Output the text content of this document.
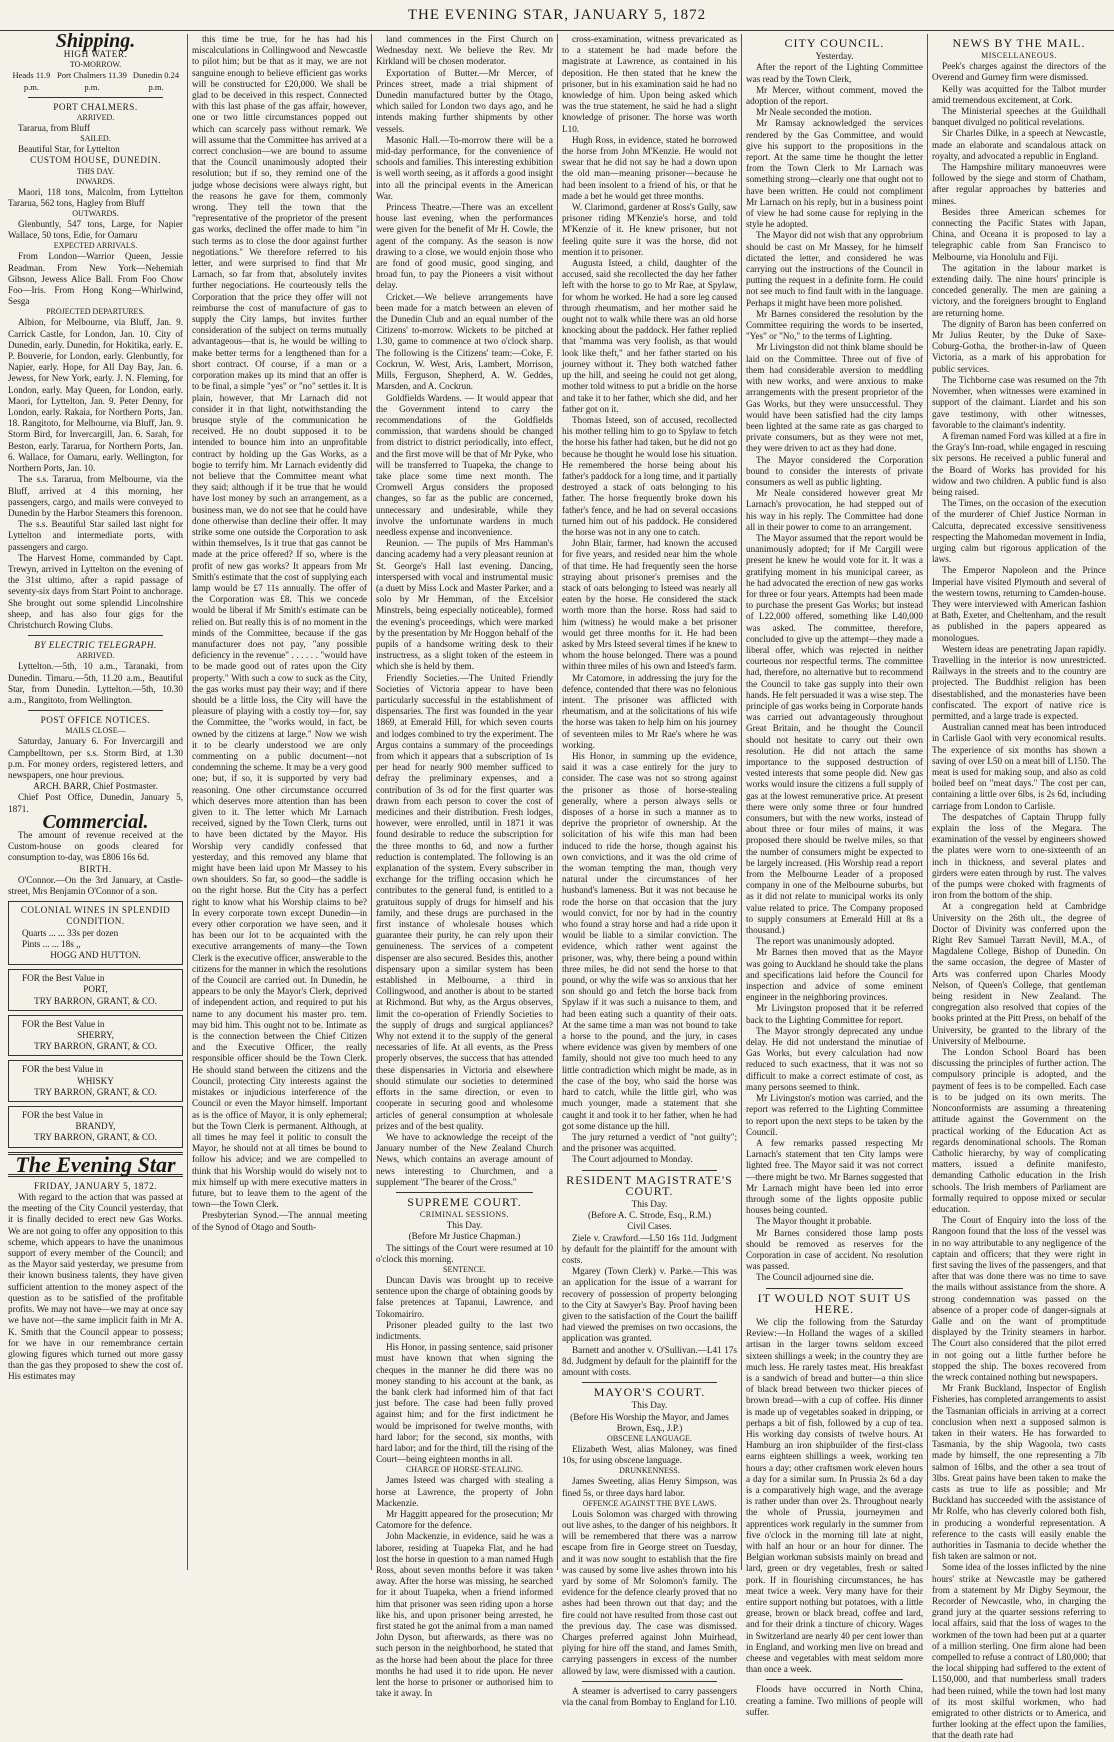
THE EVENING STAR, JANUARY 5, 1872
Shipping.

HIGH WATER.

TO-MORROW.

Heads 11.9 p.m.
Port Chalmers 11.39 p.m.
Dunedin 0.24 p.m.

PORT CHALMERS.

ARRIVED.

Tararua, from Bluff

SAILED.

Beautiful Star, for Lyttelton

CUSTOM HOUSE, DUNEDIN.

THIS DAY.

INWARDS.

Maori, 118 tons, Malcolm, from Lyttelton Tararua, 562 tons, Hagley from Bluff

OUTWARDS.

Glenbuntly, 547 tons, Large, for Napier Wallace, 50 tons, Edie, for Oamaru

EXPECTED ARRIVALS.

From London—Warrior Queen, Jessie Readman. From New York—Nehemiah Gibson, Jewess Alice Ball. From Foo Chow Foo—Iris. From Hong Kong—Whirlwind, Sesga

PROJECTED DEPARTURES.

Albion, for Melbourne, via Bluff, Jan. 9. Carrick Castle, for London, Jan. 10. City of Dunedin, early. Dunedin, for Hokitika, early. E. P. Bouverie, for London, early. Glenbuntly, for Napier, early. Hope, for All Day Bay, Jan. 6. Jewess, for New York, early. J. N. Fleming, for London, early. May Queen, for London, early. Maori, for Lyttelton, Jan. 9. Peter Denny, for London, early. Rakaia, for Northern Ports, Jan. 18. Rangitoto, for Melbourne, via Bluff, Jan. 9. Storm Bird, for Invercargill, Jan. 6. Sarah, for Beston, early. Tararua, for Northern Ports, Jan. 6. Wallace, for Oamaru, early. Wellington, for Northern Ports, Jan. 10.

The s.s. Tararua, from Melbourne, via the Bluff, arrived at 4 this morning, her passengers, cargo, and mails were conveyed to Dunedin by the Harbor Steamers this forenoon.

The s.s. Beautiful Star sailed last night for Lyttelton and intermediate ports, with passengers and cargo.

The Harvest Home, commanded by Capt. Trewyn, arrived in Lyttelton on the evening of the 31st ultimo, after a rapid passage of seventy-six days from Start Point to anchorage. She brought out some splendid Lincolnshire sheep, and has also four gigs for the Christchurch Rowing Clubs.

BY ELECTRIC TELEGRAPH.

ARRIVED.

Lyttelton.—5th, 10 a.m., Taranaki, from Dunedin. Timaru.—5th, 11.20 a.m., Beautiful Star, from Dunedin. Lyttelton.—5th, 10.30 a.m., Rangitoto, from Wellington.

POST OFFICE NOTICES.

MAILS CLOSE—

Saturday, January 6. For Invercargill and Campbelltown, per s.s. Storm Bird, at 1.30 p.m. For money orders, registered letters, and newspapers, one hour previous.

ARCH. BARR, Chief Postmaster.

Chief Post Office, Dunedin, January 5, 1871.

Commercial.

The amount of revenue received at the Custom-house on goods cleared for consumption to-day, was £806 16s 6d.

BIRTH.

O'Connor.—On the 3rd January, at Castle-street, Mrs Benjamin O'Connor of a son.

COLONIAL WINES IN SPLENDID CONDITION.

Quarts ... ... 33s per dozen

Pints ... ... 18s ,,

HOGG AND HUTTON.

FOR the Best Value in

PORT,

TRY BARRON, GRANT, & CO.

FOR the Best Value in

SHERRY,

TRY BARRON, GRANT, & CO.

FOR the best Value in

WHISKY

TRY BARRON, GRANT, & CO.

FOR the best Value in

BRANDY,

TRY BARRON, GRANT, & CO.

The Evening Star

FRIDAY, JANUARY 5, 1872.

With regard to the action that was passed at the meeting of the City Council yesterday, that it is finally decided to erect new Gas Works. We are not going to offer any opposition to this scheme, which appears to have the unanimous support of every member of the Council; and as the Mayor said yesterday, we presume from their known business talents, they have given sufficient attention to the money aspect of the question as to be satisfied of the profitable profits. We may not have—we may at once say we have not—the same implicit faith in Mr A. K. Smith that the Council appear to possess; for we have in our remembrance certain glowing figures which turned out more gassy than the gas they proposed to shew the cost of. His estimates may

this time be true, for he has had his miscalculations in Collingwood and Newcastle to pilot him; but be that as it may, we are not sanguine enough to believe efficient gas works will be constructed for £20,000. We shall be glad to be deceived in this respect. Connected with this last phase of the gas affair, however, one or two little circumstances popped out which can scarcely pass without remark. We will assume that the Committee has arrived at a correct conclusion—we are bound to assume that the Council unanimously adopted their resolution; but if so, they remind one of the judge whose decisions were always right, but the reasons he gave for them, commonly wrong. They tell the town that the "representative of the proprietor of the present gas works, declined the offer made to him "in such terms as to close the door against further negotiations." We therefore referred to his letter, and were surprised to find that Mr Larnach, so far from that, absolutely invites further negociations. He courteously tells the Corporation that the price they offer will not reimburse the cost of manufacture of gas to supply the City lamps, but invites further consideration of the subject on terms mutually advantageous—that is, he would be willing to make better terms for a lengthened than for a short contract. Of course, if a man or a corporation makes up its mind that an offer is to be final, a simple "yes" or "no" settles it. It is plain, however, that Mr Larnach did not consider it in that light, notwithstanding the brusque style of the communication he received. He no doubt supposed it to be intended to bounce him into an unprofitable contract by holding up the Gas Works, as a bogie to terrify him. Mr Larnach evidently did not believe that the Committee meant what they said; although if it be true that he would have lost money by such an arrangement, as a business man, we do not see that he could have done otherwise than decline their offer. It may strike some one outside the Corporation to ask within themselves, Is it true that gas cannot be made at the price offered? If so, where is the profit of new gas works? It appears from Mr Smith's estimate that the cost of supplying each lamp would be £7 11s annually. The offer of the Corporation was £8. This we concede would be liberal if Mr Smith's estimate can be relied on. But really this is of no moment in the minds of the Committee, because if the gas manufacturer does not pay, "any possible deficiency in the revenue" . . . . . . "would have to be made good out of rates upon the City property." With such a cow to suck as the City, the gas works must pay their way; and if there should be a little loss, the City will have the pleasure of playing with a costly toy—for, say the Committee, the "works would, in fact, be owned by the citizens at large." Now we wish it to be clearly understood we are only commenting on a public document—not condemning the scheme. It may be a very good one; but, if so, it is supported by very bad reasoning. One other circumstance occurred which deserves more attention than has been given to it. The letter which Mr Larnach received, signed by the Town Clerk, turns out to have been dictated by the Mayor. His Worship very candidly confessed that yesterday, and this removed any blame that might have been laid upon Mr Massey to his own shoulders. So far, so good—the saddle is on the right horse. But the City has a perfect right to know what his Worship claims to be? In every corporate town except Dunedin—in every other corporation we have seen, and it has been our lot to be acquainted with the executive arrangements of many—the Town Clerk is the executive officer, answerable to the citizens for the manner in which the resolutions of the Council are carried out. In Dunedin, he appears to be only the Mayor's Clerk, deprived of independent action, and required to put his name to any document his master pro. tem. may bid him. This ought not to be. Intimate as is the connection between the Chief Citizen and the Executive Officer, the really responsible officer should be the Town Clerk. He should stand between the citizens and the Council, protecting City interests against the mistakes or injudicious interference of the Council or even the Mayor himself. Important as is the office of Mayor, it is only ephemeral; but the Town Clerk is permanent. Although, at all times he may feel it politic to consult the Mayor, he should not at all times be bound to follow his advice; and we are compelled to think that his Worship would do wisely not to mix himself up with mere executive matters in future, but to leave them to the agent of the town—the Town Clerk.

Presbyterian Synod.—The annual meeting of the Synod of Otago and South-

land commences in the First Church on Wednesday next. We believe the Rev. Mr Kirkland will be chosen moderator.

Exportation of Butter.—Mr Mercer, of Princes street, made a trial shipment of Dunedin manufactured butter by the Otago, which sailed for London two days ago, and he intends making further shipments by other vessels.

Masonic Hall.—To-morrow there will be a mid-day performance, for the convenience of schools and families. This interesting exhibition is well worth seeing, as it affords a good insight into all the principal events in the American War.

Princess Theatre.—There was an excellent house last evening, when the performances were given for the benefit of Mr H. Cowle, the agent of the company. As the season is now drawing to a close, we would enjoin those who are fond of good music, good singing, and broad fun, to pay the Pioneers a visit without delay.

Cricket.—We believe arrangements have been made for a match between an eleven of the Dunedin Club and an equal number of the Citizens' to-morrow. Wickets to be pitched at 1.30, game to commence at two o'clock sharp. The following is the Citizens' team:—Coke, F. Cockrun, W. West, Aris, Lambert, Morrison, Mills, Ferguson, Shepherd, A. W. Geddes, Marsden, and A. Cockrun.

Goldfields Wardens. — It would appear that the Government intend to carry the recommendations of the Goldfields commission, that wardens should be changed from district to district periodically, into effect, and the first move will be that of Mr Pyke, who will be transferred to Tuapeka, the change to take place some time next month. The Cromwell Argus considers the proposed changes, so far as the public are concerned, unnecessary and undesirable, while they involve the unfortunate wardens in much needless expense and inconvenience.

Reunion. — The pupils of Mrs Hamman's dancing academy had a very pleasant reunion at St. George's Hall last evening. Dancing, interspersed with vocal and instrumental music (a duett by Miss Lock and Master Parker, and a solo by Mr Hemman, of the Excelsior Minstrels, being especially noticeable), formed the evening's proceedings, which were marked by the presentation by Mr Hoggon behalf of the pupils of a handsome writing desk to their instructress, as a slight token of the esteem in which she is held by them.

Friendly Societies.—The United Friendly Societies of Victoria appear to have been particularly successful in the establishment of dispensaries. The first was founded in the year 1869, at Emerald Hill, for which seven courts and lodges combined to try the experiment. The Argus contains a summary of the proceedings from which it appears that a subscription of 1s per head for nearly 900 member sufficed to defray the preliminary expenses, and a contribution of 3s od for the first quarter was drawn from each person to cover the cost of medicines and their distribution. Fresh lodges, however, were enrolled, until in 1871 it was found desirable to reduce the subscription for the three months to 6d, and now a further reduction is contemplated. The following is an explanation of the system. Every subscriber in exchange for the trifling occasion which he contributes to the general fund, is entitled to a gratuitous supply of drugs for himself and his family, and these drugs are purchased in the first instance of wholesale houses which guarantee their purity, he can rely upon their genuineness. The services of a competent dispenser are also secured. Besides this, another dispensary upon a similar system has been established in Melbourne, a third in Collingwood, and another is about to be started at Richmond. But why, as the Argus observes, limit the co-operation of Friendly Societies to the supply of drugs and surgical appliances? Why not extend it to the supply of the general necessaries of life. At all events, as the Press properly observes, the success that has attended these dispensaries in Victoria and elsewhere should stimulate our societies to determined efforts in the same direction, or even to cooperate in securing good and wholesome articles of general consumption at wholesale prizes and of the best quality.

We have to acknowledge the receipt of the January number of the New Zealand Church News, which contains an average amount of news interesting to Churchmen, and a supplement "The bearer of the Cross."

SUPREME COURT.

CRIMINAL SESSIONS.

This Day.

(Before Mr Justice Chapman.)

The sittings of the Court were resumed at 10 o'clock this morning.

SENTENCE.

Duncan Davis was brought up to receive sentence upon the charge of obtaining goods by false pretences at Tapanui, Lawrence, and Tokomairiro.

Prisoner pleaded guilty to the last two indictments.

His Honor, in passing sentence, said prisoner must have known that when signing the cheques in the manner he did there was no money standing to his account at the bank, as the bank clerk had informed him of that fact just before. The case had been fully proved against him; and for the first indictment he would be imprisoned for twelve months, with hard labor; for the second, six months, with hard labor; and for the third, till the rising of the Court—being eighteen months in all.

CHARGE OF HORSE-STEALING.

James Isteed was charged with stealing a horse at Lawrence, the property of John Mackenzie.

Mr Haggitt appeared for the prosecution; Mr Catomore for the defence.

John Mackenzie, in evidence, said he was a laborer, residing at Tuapeka Flat, and he had lost the horse in question to a man named Hugh Ross, about seven months before it was taken away. After the horse was missing, he searched for it about Tuapeka, when a friend informed him that prisoner was seen riding upon a horse like his, and upon prisoner being arrested, he first stated he got the animal from a man named John Dyson, but afterwards, as there was no such person in the neighborhood, he stated that as the horse had been about the place for three months he had used it to ride upon. He never lent the horse to prisoner or authorised him to take it away. In

cross-examination, witness prevaricated as to a statement he had made before the magistrate at Lawrence, as contained in his deposition. He then stated that he knew the prisoner, but in his examination said he had no knowledge of him. Upon being asked which was the true statement, he said he had a slight knowledge of prisoner. The horse was worth L10.

Hugh Ross, in evidence, stated he borrowed the horse from John M'Kenzie. He would not swear that he did not say he had a down upon the old man—meaning prisoner—because he had been insolent to a friend of his, or that he made a bet he would get three months.

W. Clarimond, gardener at Ross's Gully, saw prisoner riding M'Kenzie's horse, and told M'Kenzie of it. He knew prisoner, but not feeling quite sure it was the horse, did not mention it to prisoner.

Augusta Isteed, a child, daughter of the accused, said she recollected the day her father left with the horse to go to Mr Rae, at Spylaw, for whom he worked. He had a sore leg caused through rheumatism, and her mother said he ought not to walk while there was an old horse knocking about the paddock. Her father replied that "mamma was very foolish, as that would look like theft," and her father started on his journey without it. They both watched father up the hill, and seeing he could not get along, mother told witness to put a bridle on the horse and take it to her father, which she did, and her father got on it.

Thomas Isteed, son of accused, recollected his mother telling him to go to Spylaw to fetch the horse his father had taken, but he did not go because he thought he would lose his situation. He remembered the horse being about his father's paddock for a long time, and it partially destroyed a stack of oats belonging to his father. The horse frequently broke down his father's fence, and he had on several occasions turned him out of his paddock. He considered the horse was not in any one to catch.

John Blair, farmer, had known the accused for five years, and resided near him the whole of that time. He had frequently seen the horse straying about prisoner's premises and the stack of oats belonging to Isteed was nearly all eaten by the horse. He considered the stack worth more than the horse. Ross had said to him (witness) he would make a bet prisoner would get three months for it. He had been asked by Mrs Isteed several times if he knew to whom the house belonged. There was a pound within three miles of his own and Isteed's farm.

Mr Catomore, in addressing the jury for the defence, contended that there was no felonious intent. The prisoner was afflicted with rheumatism, and at the solicitations of his wife the horse was taken to help him on his journey of seventeen miles to Mr Rae's where he was working.

His Honor, in summing up the evidence, said it was a case entirely for the jury to consider. The case was not so strong against the prisoner as those of horse-stealing generally, where a person always sells or disposes of a horse in such a manner as to deprive the proprietor of ownership. At the solicitation of his wife this man had been induced to ride the horse, though against his own convictions, and it was the old crime of the woman tempting the man, though very natural under the circumstances of her husband's lameness. But it was not because he rode the horse on that occasion that the jury would convict, for nor by had in the country who found a stray horse and had a ride upon it would be liable to a similar conviction. The evidence, which rather went against the prisoner, was, why, there being a pound within three miles, he did not send the horse to that pound, or why the wife was so anxious that her son should go and fetch the horse back from Spylaw if it was such a nuisance to them, and had been eating such a quantity of their oats. At the same time a man was not bound to take a horse to the pound, and the jury, in cases where evidence was given by members of one family, should not give too much heed to any little contradiction which might be made, as in the case of the boy, who said the horse was hard to catch, while the little girl, who was much younger, made a statement that she caught it and took it to her father, when he had got some distance up the hill.

The jury returned a verdict of "not guilty"; and the prisoner was acquitted.

The Court adjourned to Monday.

RESIDENT MAGISTRATE'S COURT.

This Day.

(Before A. C. Strode, Esq., R.M.)

Civil Cases.

Ziele v. Crawford.—L50 16s 11d. Judgment by default for the plaintiff for the amount with costs.

Mgarey (Town Clerk) v. Parke.—This was an application for the issue of a warrant for recovery of possession of property belonging to the City at Sawyer's Bay. Proof having been given to the satisfaction of the Court the bailiff had viewed the premises on two occasions, the application was granted.

Barnett and another v. O'Sullivan.—L41 17s 8d. Judgment by default for the plaintiff for the amount with costs.

MAYOR'S COURT.

This Day.

(Before His Worship the Mayor, and James Brown, Esq., J.P.)

OBSCENE LANGUAGE.

Elizabeth West, alias Maloney, was fined 10s, for using obscene language.

DRUNKENNESS.

James Sweeting, alias Henry Simpson, was fined 5s, or three days hard labor.

OFFENCE AGAINST THE BYE LAWS.

Louis Solomon was charged with throwing out live ashes, to the danger of his neighbors. It will be remembered that there was a narrow escape from fire in George street on Tuesday, and it was now sought to establish that the fire was caused by some live ashes thrown into his yard by some of Mr Solomon's family. The evidence for the defence clearly proved that no ashes had been thrown out that day; and the fire could not have resulted from those cast out the previous day. The case was dismissed. Charges preferred against John Muirhead, plying for hire off the stand, and James Smith, carrying passengers in excess of the number allowed by law, were dismissed with a caution.

A steamer is advertised to carry passengers via the canal from Bombay to England for L10.

CITY COUNCIL.

Yesterday.

After the report of the Lighting Committee was read by the Town Clerk,

Mr Mercer, without comment, moved the adoption of the report.

Mr Neale seconded the motion.

Mr Ramsay acknowledged the services rendered by the Gas Committee, and would give his support to the propositions in the report. At the same time he thought the letter from the Town Clerk to Mr Larnach was something strong—clearly one that ought not to have been written. He could not compliment Mr Larnach on his reply, but in a business point of view he had some cause for replying in the style he adopted.

The Mayor did not wish that any opprobrium should be cast on Mr Massey, for he himself dictated the letter, and considered he was carrying out the instructions of the Council in putting the request in a definite form. He could not see much to find fault with in the language. Perhaps it might have been more polished.

Mr Barnes considered the resolution by the Committee requiring the words to be inserted, "Yes" or "No," to the terms of Lighting.

Mr Livingston did not think blame should be laid on the Committee. Three out of five of them had considerable aversion to meddling with new works, and were anxious to make arrangements with the present proprietor of the Gas Works, but they were unsuccessful. They would have been satisfied had the city lamps been lighted at the same rate as gas charged to private consumers, but as they were not met, they were driven to act as they had done.

The Mayor considered the Corporation bound to consider the interests of private consumers as well as public lighting.

Mr Neale considered however great Mr Larnach's provocation, he had stepped out of his way in his reply. The Committee had done all in their power to come to an arrangement.

The Mayor assumed that the report would be unanimously adopted; for if Mr Cargill were present he knew he would vote for it. It was a gratifying moment in his municipal career, as he had advocated the erection of new gas works for three or four years. Attempts had been made to purchase the present Gas Works; but instead of L22,000 offered, something like L40,000 was asked. The committee, therefore, concluded to give up the attempt—they made a liberal offer, which was rejected in neither courteous nor respectful terms. The committee had, therefore, no alternative but to recommend the Council to take gas supply into their own hands. He felt persuaded it was a wise step. The principle of gas works being in Corporate hands was carried out advantageously throughout Great Britain, and he thought the Council should not hesitate to carry out their own resolution. He did not attach the same importance to the supposed destruction of vested interests that some people did. New gas works would insure the citizens a full supply of gas at the lowest remunerative price. At present there were only some three or four hundred consumers, but with the new works, instead of about three or four miles of mains, it was proposed there should be twelve miles, so that the number of consumers might be expected to be largely increased. (His Worship read a report from the Melbourne Leader of a proposed company in one of the Melbourne suburbs, but as it did not relate to municipal works its only value related to price. The Company proposed to supply consumers at Emerald Hill at 8s a thousand.)

The report was unanimously adopted.

Mr Barnes then moved that as the Mayor was going to Auckland he should take the plans and specifications laid before the Council for inspection and advice of some eminent engineer in the neighboring provinces.

Mr Livingston proposed that it be referred back to the Lighting Committee for report.

The Mayor strongly deprecated any undue delay. He did not understand the minutiae of Gas Works, but every calculation had now reduced to such exactness, that it was not so difficult to make a correct estimate of cost, as many persons seemed to think.

Mr Livingston's motion was carried, and the report was referred to the Lighting Committee to report upon the next steps to be taken by the Council.

A few remarks passed respecting Mr Larnach's statement that ten City lamps were lighted free. The Mayor said it was not correct—there might be two. Mr Barnes suggested that Mr Larnach might have been led into error through some of the lights opposite public houses being counted.

The Mayor thought it probable.

Mr Barnes considered those lamp posts should be removed as reserves for the Corporation in case of accident. No resolution was passed.

The Council adjourned sine die.

IT WOULD NOT SUIT US HERE.

We clip the following from the Saturday Review:—In Holland the wages of a skilled artisan in the larger towns seldom exceed sixteen shillings a week; in the country they are much less. He rarely tastes meat. His breakfast is a sandwich of bread and butter—a thin slice of black bread between two thicker pieces of brown bread—with a cup of coffee. His dinner is made up of vegetables soaked in dripping, or perhaps a bit of fish, followed by a cup of tea. His working day consists of twelve hours. At Hamburg an iron shipbuilder of the first-class earns eighteen shillings a week, working ten hours a day; other craftsmen work eleven hours a day for a similar sum. In Prussia 2s 6d a day is a comparatively high wage, and the average is rather under than over 2s. Throughout nearly the whole of Prussia, journeymen and apprentices work regularly in the summer from five o'clock in the morning till late at night, with half an hour or an hour for dinner. The Belgian workman subsists mainly on bread and lard, green or dry vegetables, fresh or salted pork. If in flourishing circumstances, he has meat twice a week. Very many have for their entire support nothing but potatoes, with a little grease, brown or black bread, coffee and lard, and for their drink a tincture of chicory. Wages in Switzerland are nearly 40 per cent lower than in England, and working men live on bread and cheese and vegetables with meat seldom more than once a week.

Floods have occurred in North China, creating a famine. Two millions of people will suffer.

NEWS BY THE MAIL.

MISCELLANEOUS.

Peek's charges against the directors of the Overend and Gurney firm were dismissed.

Kelly was acquitted for the Talbot murder amid tremendous excitement, at Cork.

The Ministerial speeches at the Guildhall banquet divulged no political revelations.

Sir Charles Dilke, in a speech at Newcastle, made an elaborate and scandalous attack on royalty, and advocated a republic in England.

The Hampshire military manoeuvres were followed by the siege and storm of Chatham, after regular approaches by batteries and mines.

Besides three American schemes for connecting the Pacific States with Japan, China, and Oceana it is proposed to lay a telegraphic cable from San Francisco to Melbourne, via Honolulu and Fiji.

The agitation in the labour market is extending daily. The nine hours' principle is conceded generally. The men are gaining a victory, and the foreigners brought to England are returning home.

The dignity of Baron has been conferred on Mr Julius Reuter, by the Duke of Saxe-Coburg-Gotha, the brother-in-law of Queen Victoria, as a mark of his approbation for public services.

The Tichborne case was resumed on the 7th November, when witnesses were examined in support of the claimant. Liardet and his son gave testimony, with other witnesses, favorable to the claimant's indentity.

A fireman named Ford was killed at a fire in the Gray's Inn-road, while engaged in rescuing six persons. He received a public funeral and the Board of Works has provided for his widow and two children. A public fund is also being raised.

The Times, on the occasion of the execution of the murderer of Chief Justice Norman in Calcutta, deprecated excessive sensitiveness respecting the Mahomedan movement in India, urging calm but rigorous application of the laws.

The Emperor Napoleon and the Prince Imperial have visited Plymouth and several of the western towns, returning to Camden-house. They were interviewed with American fashion at Bath, Exeter, and Cheltenham, and the result as published in the papers appeared as monologues.

Western ideas are penetrating Japan rapidly. Travelling in the interior is now unrestricted. Railways in the streets and to the country are projected. The Buddhist religion has been disestablished, and the monasteries have been confiscated. The export of native rice is permitted, and a large trade is expected.

Australian canned meat has been introduced in Carlisle Gaol with very economical results. The experience of six months has shown a saving of over L50 on a meat bill of L150. The meat is used for making soup, and also as cold boiled beef on "meat days." The cost per can, containing a little over 6lbs, is 2s 6d, including carriage from London to Carlisle.

The despatches of Captain Thrupp fully explain the loss of the Megara. The examination of the vessel by engineers showed the plates were worn to one-sixteenth of an inch in thickness, and several plates and girders were eaten through by rust. The valves of the pumps were choked with fragments of iron from the bottom of the ship.

At a congregation held at Cambridge University on the 26th ult., the degree of Doctor of Divinity was conferred upon the Right Rev Samuel Tarratt Nevill, M.A., of Magdalene College, Bishop of Dunedin. On the same occasion, the degree of Master of Arts was conferred upon Charles Moody Nelson, of Queen's College, that gentleman being resident in New Zealand. The congregation also resolved that copies of the books printed at the Pitt Press, on behalf of the University, be granted to the library of the University of Melbourne.

The London School Board has been discussing the principles of further action. The compulsory principle is adopted, and the payment of fees is to be compelled. Each case is to be judged on its own merits. The Nonconformists are assuming a threatening attitude against the Government on the practical working of the Education Act as regards denominational schools. The Roman Catholic hierarchy, by way of complicating matters, issued a definite manifesto, demanding Catholic education in the Irish schools. The Irish members of Parliament are formally required to oppose mixed or secular education.

The Court of Enquiry into the loss of the Rangoon found that the loss of the vessel was in no way attributable to any negligence of the captain and officers; that they were right in first saving the lives of the passengers, and that after that was done there was no time to save the mails without assistance from the shore. A strong condemnation was passed on the absence of a proper code of danger-signals at Galle and on the want of promptitude displayed by the Trinity steamers in harbor. The Court also considered that the pilot erred in not going out a little further before he stopped the ship. The boxes recovered from the wreck contained nothing but newspapers.

Mr Frank Buckland, Inspector of English Fisheries, has completed arrangements to assist the Tasmanian officials in arriving at a correct conclusion when next a supposed salmon is taken in their waters. He has forwarded to Tasmania, by the ship Wagoola, two casts made by himself, the one representing a 7lb salmon of 16lbs, and the other a sea trout of 3lbs. Great pains have been taken to make the casts as true to life as possible; and Mr Buckland has succeeded with the assistance of Mr Rolfe, who has cleverly colored both fish, in producing a wonderful representation. A reference to the casts will easily enable the authorities in Tasmania to decide whether the fish taken are salmon or not.

Some idea of the losses inflicted by the nine hours' strike at Newcastle may be gathered from a statement by Mr Digby Seymour, the Recorder of Newcastle, who, in charging the grand jury at the quarter sessions referring to local affairs, said that the loss of wages to the workmen of the town had been put at a quarter of a million sterling. One firm alone had been compelled to refuse a contract of L80,000; that the local shipping had suffered to the extent of L150,000, and that numberless small traders had been ruined, while the town had lost many of its most skilful workmen, who had emigrated to other districts or to America, and further looking at the effect upon the families, that the death rate had
